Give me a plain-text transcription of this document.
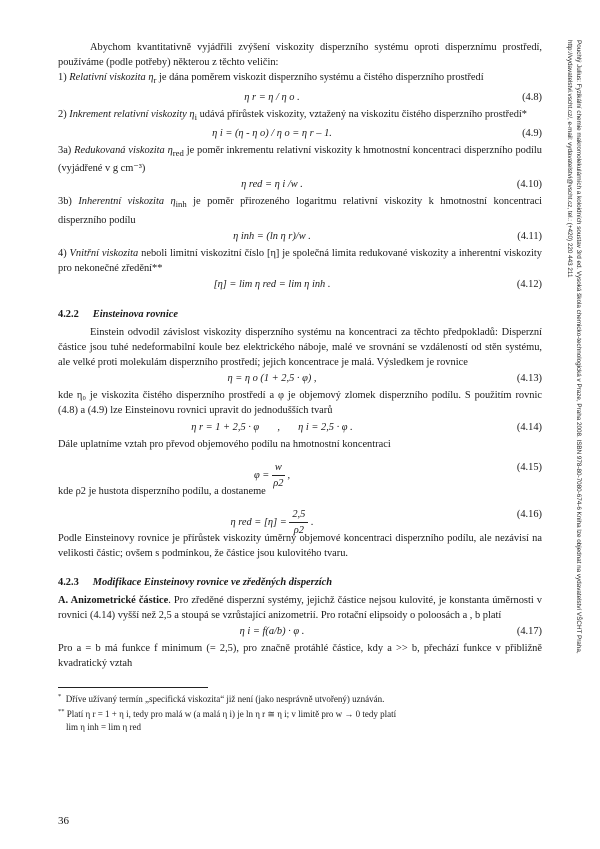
Abychom kvantitativně vyjádřili zvýšení viskozity disperzního systému oproti disperznímu prostředí, používáme (podle potřeby) některou z těchto veličin:

1) Relativní viskozita $\eta_r$ je dána poměrem viskozit disperzního systému a čistého disperzního prostředí

η r = η / η o .	(4.8)

2) Inkrement relativní viskozity $\eta_i$ udává přírůstek viskozity, vztažený na viskozitu čistého disperzního prostředí*

η i = (η - η o) / η o = η r – 1.	(4.9)

3a) Redukovaná viskozita $\eta_{red}$ je poměr inkrementu relativní viskozity k hmotnostní koncentraci disperzního podílu (vyjádřené v g cm⁻³)

η red = η i /w .	(4.10)

3b) Inherentní viskozita $\eta_{inh}$ je poměr přirozeného logaritmu relativní viskozity k hmotnostní koncentraci disperzního podílu

η inh = (ln η r)/w .	(4.11)

4) Vnitřní viskozita neboli limitní viskozitní číslo [η] je společná limita redukované viskozity a inherentní viskozity pro nekonečné zředění**

[η] = lim η red = lim η inh .	(4.12)
4.2.2 Einsteinova rovnice

Einstein odvodil závislost viskozity disperzního systému na koncentraci za těchto předpokladů: Disperzní částice jsou tuhé nedeformabilní koule bez elektrického náboje, malé ve srovnání se vzdáleností od stěn systému, ale velké proti molekulám disperzního prostředí; jejich koncentrace je malá. Výsledkem je rovnice

η = η o (1 + 2,5 · φ) ,	(4.13)

kde η₀ je viskozita čistého disperzního prostředí a φ je objemový zlomek disperzního podílu. S použitím rovnic (4.8) a (4.9) lze Einsteinovu rovnici upravit do jednodušších tvarů

η r = 1 + 2,5 · φ       ,       η i = 2,5 · φ .	(4.14)

Dále uplatníme vztah pro převod objemového podílu na hmotnostní koncentraci

$\varphi = \frac{w}{\rho 2}$ ,
(4.15)

kde ρ2 je hustota disperzního podílu, a dostaneme

η red = $[\eta] = \frac{2,5}{\rho 2}$ .
(4.16)

Podle Einsteinovy rovnice je přírůstek viskozity úměrný objemové koncentraci disperzního podílu, ale nezávisí na velikosti částic; ovšem s podmínkou, že částice jsou kulovitého tvaru.

4.2.3 Modifikace Einsteinovy rovnice ve zředěných disperzích

A. Anizometrické částice. Pro zředěné disperzní systémy, jejichž částice nejsou kulovité, je konstanta úměrnosti v rovnici (4.14) vyšší než 2,5 a stoupá se vzrůstající anizometrií. Pro rotační elipsoidy o poloosách a , b platí

η i = f(a/b) · φ .	(4.17)

Pro a = b má funkce f minimum (= 2,5), pro značně protáhlé částice, kdy a >> b, přechází funkce v přibližně kvadratický vztah

* Dříve užívaný termín „specifická viskozita“ již není (jako nesprávně utvořený) uznáván.

** Platí η r = 1 + η i, tedy pro malá w (a malá η i) je ln η r ≅ η i; v limitě pro w → 0 tedy platí

lim η inh = lim η red

36
Pouchlý Julius: Fyzikální chemie makromolekulárních a koloidních soustav 3rd ed. Vysoká škola chemicko-technologická v Praze, Praha 2008. ISBN 978-80-7080-674-6 Kniha lze objednat na vydavatelství VŠCHT Praha, http://vydavatelstvi.vscht.cz/, e-mail: vydavatelstvi@vscht.cz, tel.: (+420) 220 443 211
